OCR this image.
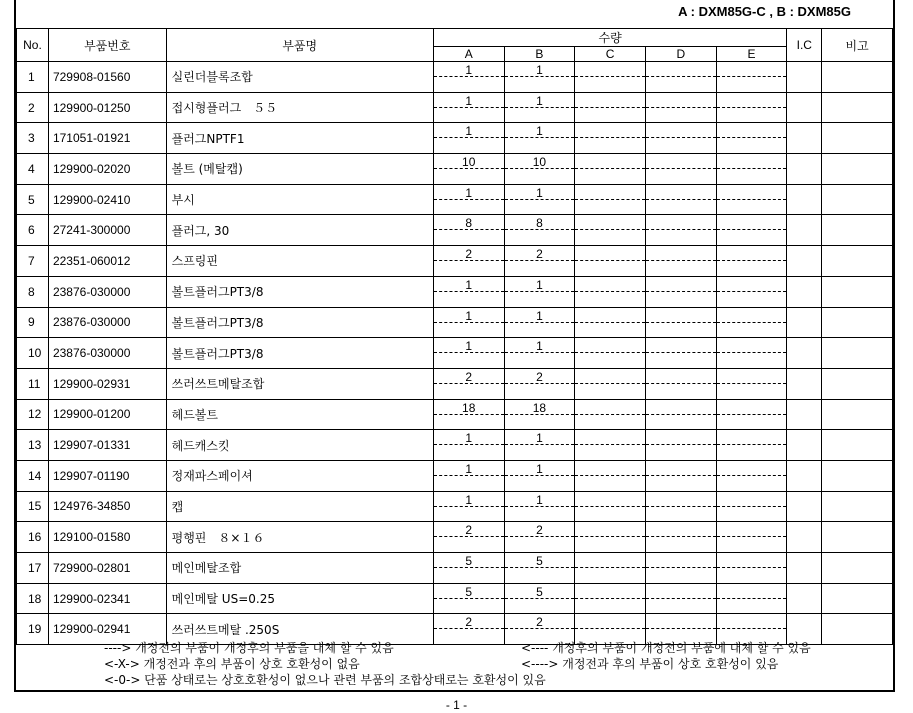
A : DXM85G-C , B : DXM85G
No.	부품번호	부품명	수량					I.C	비고
			A	B	C	D	E		
1	729908-01560	실린더블록조합	1	1

2	129900-01250	접시형플러그　５５	1	1

3	171051-01921	플러그NPTF1	1	1

4	129900-02020	볼트 (메탈캡)	10	10

5	129900-02410	부시	1	1

6	27241-300000	플러그, 30	8	8

7	22351-060012	스프링핀	2	2

8	23876-030000	볼트플러그PT3/8	1	1

9	23876-030000	볼트플러그PT3/8	1	1

10	23876-030000	볼트플러그PT3/8	1	1

11	129900-02931	쓰러쓰트메탈조합	2	2

12	129900-01200	헤드볼트	18	18

13	129907-01331	헤드캐스킷	1	1

14	129907-01190	정재파스페이셔	1	1

15	124976-34850	캡	1	1

16	129100-01580	평행핀　８×１６	2	2

17	729900-02801	메인메탈조합	5	5

18	129900-02341	메인메탈 US=0.25	5	5

19	129900-02941	쓰러쓰트메탈 .250S	2	2

----> 개정전의 부품이 개정후의 부품을 대체 할 수 있음	<---- 개정후의 부품이 개정전의 부품에 대체 할 수 있음
<-X-> 개정전과 후의 부품이 상호 호환성이 없음	<----> 개정전과 후의 부품이 상호 호환성이 있음
<-0-> 단품 상태로는 상호호환성이 없으나 관련 부품의 조합상태로는 호환성이 있음
- 1 -
